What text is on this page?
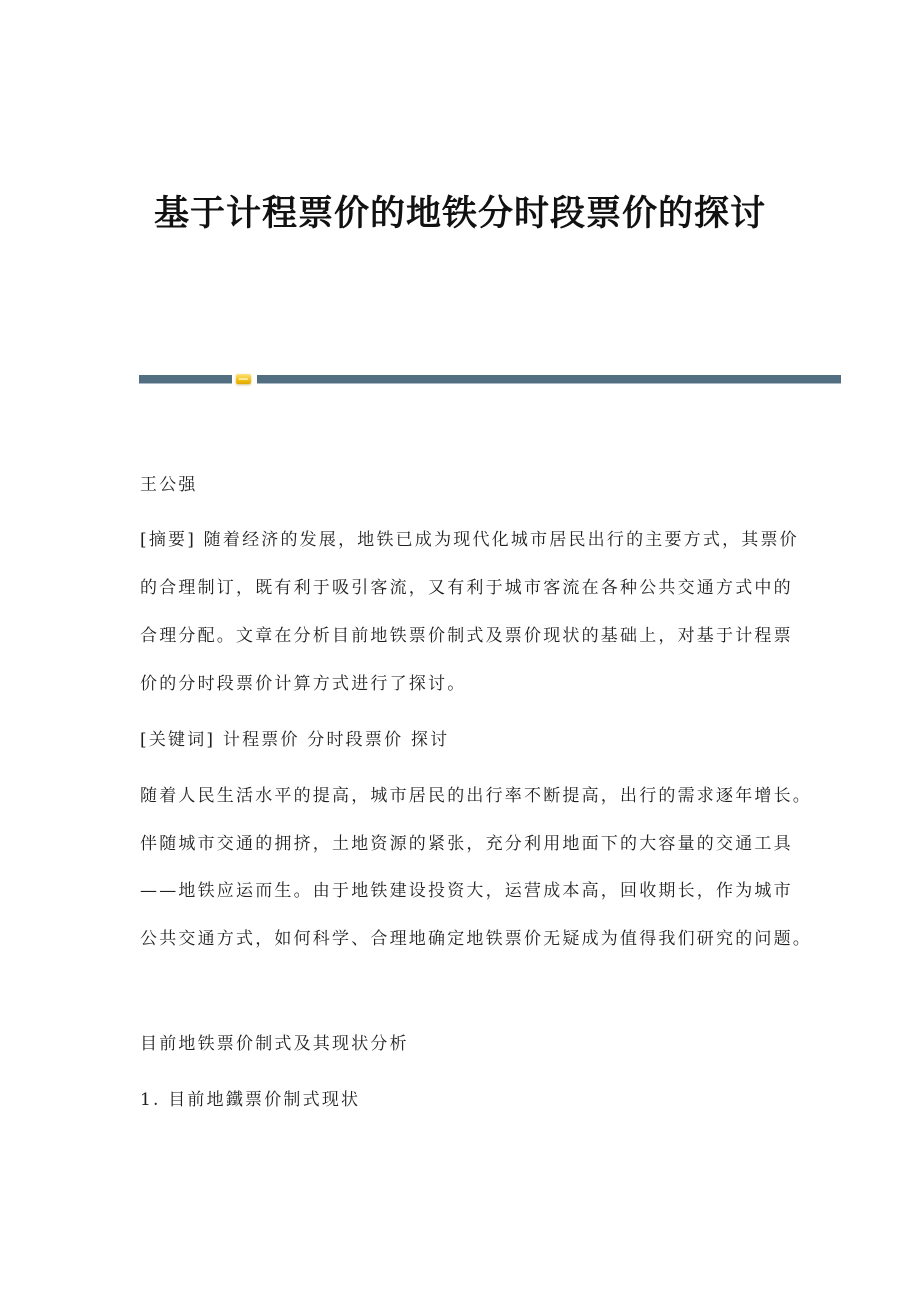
基于计程票价的地铁分时段票价的探讨
王公强
[摘要] 随着经济的发展，地铁已成为现代化城市居民出行的主要方式，其票价
的合理制订，既有利于吸引客流，又有利于城市客流在各种公共交通方式中的
合理分配。文章在分析目前地铁票价制式及票价现状的基础上，对基于计程票
价的分时段票价计算方式进行了探讨。
[关键词] 计程票价 分时段票价 探讨
随着人民生活水平的提高，城市居民的出行率不断提高，出行的需求逐年增长。
伴随城市交通的拥挤，土地资源的紧张，充分利用地面下的大容量的交通工具
——地铁应运而生。由于地铁建设投资大，运营成本高，回收期长，作为城市
公共交通方式，如何科学、合理地确定地铁票价无疑成为值得我们研究的问题。
目前地铁票价制式及其现状分析
1. 目前地鐵票价制式现状
